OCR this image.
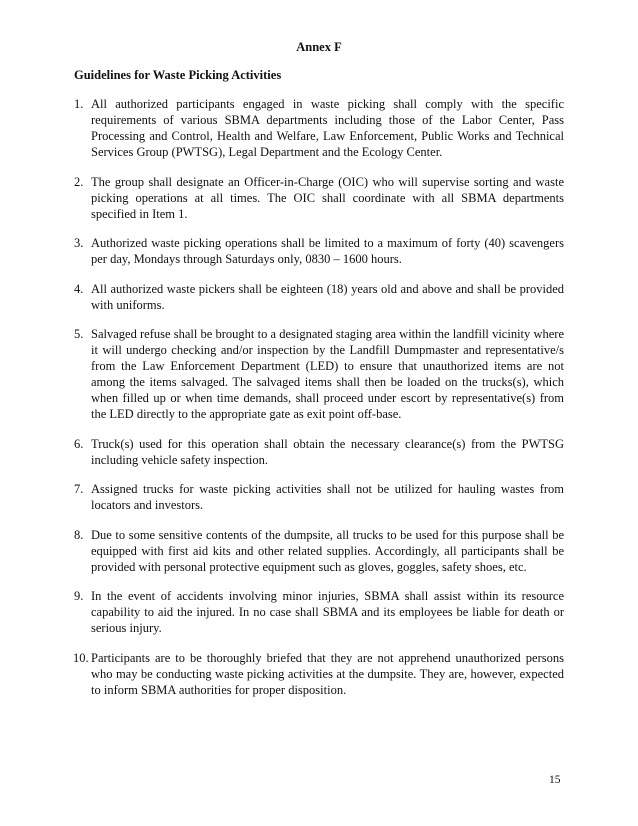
Annex F
Guidelines for Waste Picking Activities
1. All authorized participants engaged in waste picking shall comply with the specific requirements of various SBMA departments including those of the Labor Center, Pass Processing and Control, Health and Welfare, Law Enforcement, Public Works and Technical Services Group (PWTSG), Legal Department and the Ecology Center.
2. The group shall designate an Officer-in-Charge (OIC) who will supervise sorting and waste picking operations at all times. The OIC shall coordinate with all SBMA departments specified in Item 1.
3. Authorized waste picking operations shall be limited to a maximum of forty (40) scavengers per day, Mondays through Saturdays only, 0830 – 1600 hours.
4. All authorized waste pickers shall be eighteen (18) years old and above and shall be provided with uniforms.
5. Salvaged refuse shall be brought to a designated staging area within the landfill vicinity where it will undergo checking and/or inspection by the Landfill Dumpmaster and representative/s from the Law Enforcement Department (LED) to ensure that unauthorized items are not among the items salvaged. The salvaged items shall then be loaded on the trucks(s), which when filled up or when time demands, shall proceed under escort by representative(s) from the LED directly to the appropriate gate as exit point off-base.
6. Truck(s) used for this operation shall obtain the necessary clearance(s) from the PWTSG including vehicle safety inspection.
7. Assigned trucks for waste picking activities shall not be utilized for hauling wastes from locators and investors.
8. Due to some sensitive contents of the dumpsite, all trucks to be used for this purpose shall be equipped with first aid kits and other related supplies. Accordingly, all participants shall be provided with personal protective equipment such as gloves, goggles, safety shoes, etc.
9. In the event of accidents involving minor injuries, SBMA shall assist within its resource capability to aid the injured. In no case shall SBMA and its employees be liable for death or serious injury.
10. Participants are to be thoroughly briefed that they are not apprehend unauthorized persons who may be conducting waste picking activities at the dumpsite. They are, however, expected to inform SBMA authorities for proper disposition.
15
